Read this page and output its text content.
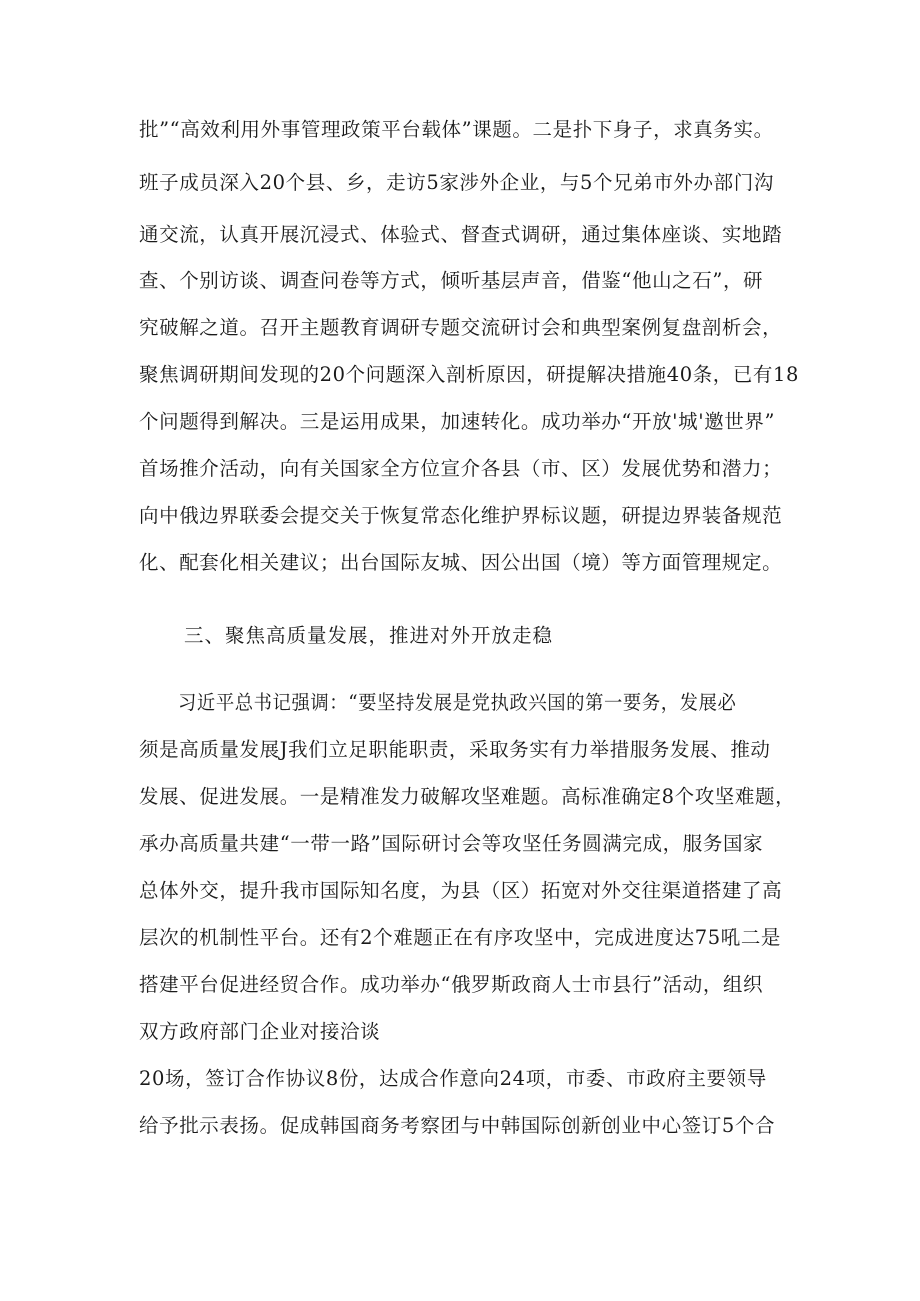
批”“高效利用外事管理政策平台载体”课题。二是扑下身子，求真务实。
班子成员深入20个县、乡，走访5家涉外企业，与5个兄弟市外办部门沟
通交流，认真开展沉浸式、体验式、督查式调研，通过集体座谈、实地踏
查、个别访谈、调查问卷等方式，倾听基层声音，借鉴“他山之石”，研
究破解之道。召开主题教育调研专题交流研讨会和典型案例复盘剖析会，
聚焦调研期间发现的20个问题深入剖析原因，研提解决措施40条，已有18
个问题得到解决。三是运用成果，加速转化。成功举办“开放'城'邀世界”
首场推介活动，向有关国家全方位宣介各县（市、区）发展优势和潜力；
向中俄边界联委会提交关于恢复常态化维护界标议题，研提边界装备规范
化、配套化相关建议；出台国际友城、因公出国（境）等方面管理规定。
三、聚焦高质量发展，推进对外开放走稳
习近平总书记强调：“要坚持发展是党执政兴国的第一要务，发展必
须是高质量发展J我们立足职能职责，采取务实有力举措服务发展、推动
发展、促进发展。一是精准发力破解攻坚难题。高标准确定8个攻坚难题，
承办高质量共建“一带一路”国际研讨会等攻坚任务圆满完成，服务国家
总体外交，提升我市国际知名度，为县（区）拓宽对外交往渠道搭建了高
层次的机制性平台。还有2个难题正在有序攻坚中，完成进度达75吼二是
搭建平台促进经贸合作。成功举办“俄罗斯政商人士市县行”活动，组织
双方政府部门企业对接洽谈
20场，签订合作协议8份，达成合作意向24项，市委、市政府主要领导
给予批示表扬。促成韩国商务考察团与中韩国际创新创业中心签订5个合
